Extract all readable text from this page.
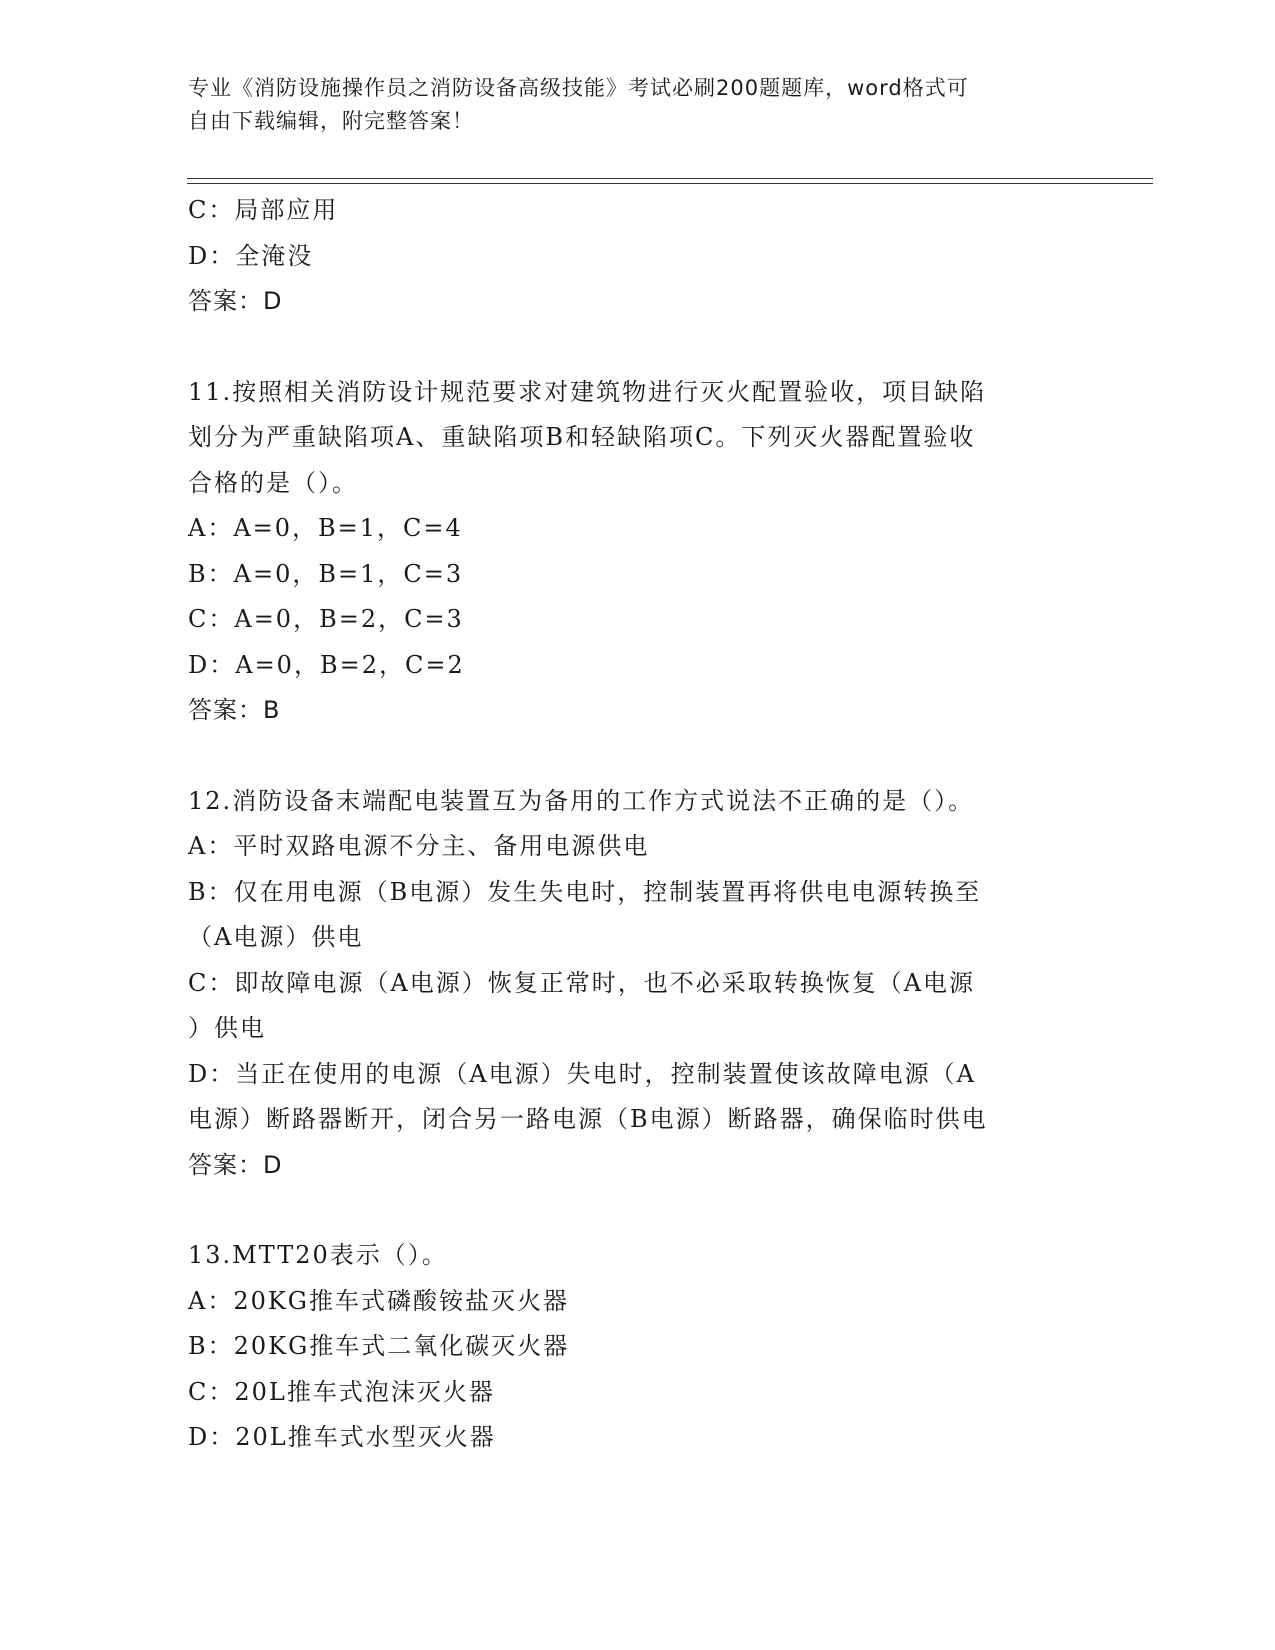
专业《消防设施操作员之消防设备高级技能》考试必刷200题题库，word格式可
自由下载编辑，附完整答案！
C：局部应用
D：全淹没
答案：D
11.按照相关消防设计规范要求对建筑物进行灭火配置验收，项目缺陷
划分为严重缺陷项A、重缺陷项B和轻缺陷项C。下列灭火器配置验收
合格的是（）。
A：A=0，B=1，C=4
B：A=0，B=1，C=3
C：A=0，B=2，C=3
D：A=0，B=2，C=2
答案：B
12.消防设备末端配电装置互为备用的工作方式说法不正确的是（）。
A：平时双路电源不分主、备用电源供电
B：仅在用电源（B电源）发生失电时，控制装置再将供电电源转换至
（A电源）供电
C：即故障电源（A电源）恢复正常时，也不必采取转换恢复（A电源
）供电
D：当正在使用的电源（A电源）失电时，控制装置使该故障电源（A
电源）断路器断开，闭合另一路电源（B电源）断路器，确保临时供电
答案：D
13.MTT20表示（）。
A：20KG推车式磷酸铵盐灭火器
B：20KG推车式二氧化碳灭火器
C：20L推车式泡沫灭火器
D：20L推车式水型灭火器
